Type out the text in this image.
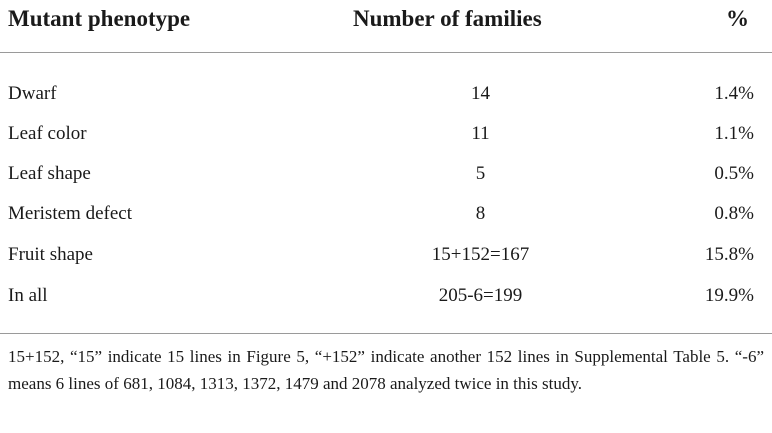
Mutant phenotype	Number of families	%
Dwarf	14	1.4%
Leaf color	11	1.1%
Leaf shape	5	0.5%
Meristem defect	8	0.8%
Fruit shape	15+152=167	15.8%
In all	205-6=199	19.9%
15+152, “15” indicate 15 lines in Figure 5, “+152” indicate another 152 lines in Supplemental Table 5. “-6” means 6 lines of 681, 1084, 1313, 1372, 1479 and 2078 analyzed twice in this study.
